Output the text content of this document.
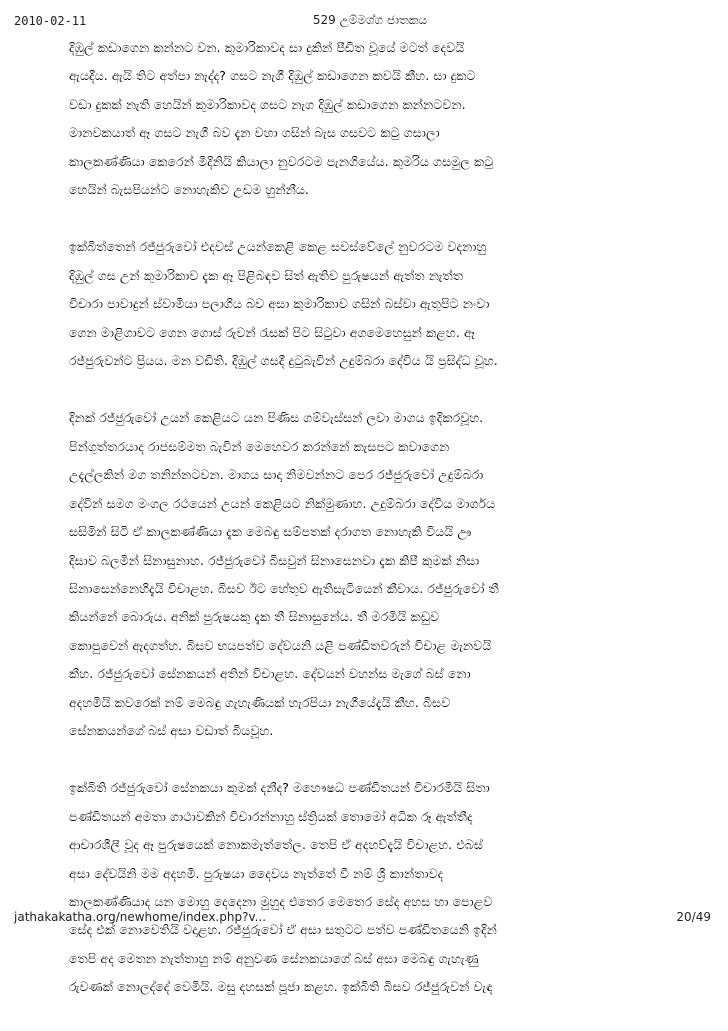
2010-02-11	529 උම්මග්ග ජාතකය
දිඹුල් කඩාගෙන කන්නට වන. කුමාරිකාවද සා දුකින් පීඩිත වූයේ මටත් දෙවයි
ඇයදීය. ඇයි තිට අත්පා නැද්ද? ගසට නැගී දිඹුල් කඩාගෙන කවයි කීහ. සා දුකට
වඩා දුකක් නැති හෙයින් කුමාරිකාවද ගසට නැග දිඹුල් කඩාගෙන කන්නටවන.
මානවකයාත් ඈ ගසට නැගී බව දැන වහා ගසින් බැස ගසවට කටු ගසාලා
කාලකණ්ණියා කෙරෙන් මිදිනියි කියාලා නුවරටම පැනගියේය. කුමරිය ගසමුල කටු
හෙයින් බැසපියන්ට නොහැකිව උඩම හුන්නීය.
ඉක්බිත්තෙන් රජ්ජුරුවෝ එදවස් උයන්කෙළි කෙළ සවස්වේලේ නුවරටම වදනාහු
දිඹුල් ගස උන් කුමාරිකාව දැක ඈ පිළිබඳව සිත් ඇතිව පුරුෂයන් ඇත්ත නැත්ත
විචාරා පාවාදුන් ස්වාමියා පලාගිය බව අසා කුමාරිකාව ගසින් බස්වා ඇතුපිට නංවා
ගෙන මාළිගාවට ගෙන ගොස් රුවන් රැසක් පිට සිටුවා අගමෙහෙසුන් කළහ. ඈ
රජ්ජුරුවන්ට ප්‍රියය. මන වඩිති. දිඹුල් ගසදී දුටුබැවින් උදුම්බරා දේවිය යි ප්‍රසිද්ධ වූහ.
දිනක් රජ්ජුරුවෝ උයන් කෙළියට යන පිණිස ගම්වැස්සන් ලවා මාගය ඉදිකරවූහ.
පින්ගුත්තරයාද රාජසම්මත බැවින් මෙහෙවර කරන්නේ කැසපට කවාගෙන
උදැල්ලකින් මග තනින්නටවන. මාගය සාදා නිමවන්නට පෙර රජ්ජුරුවෝ උදුම්බරා
දේවින් සමග මංගල රථයෙන් උයන් කෙළියට නික්මුණාහ. උදුම්බරා දේවිය මාර්ගය
සසිමින් සිටි ඒ කාලකණ්ණියා දැක මෙබඳු සම්පතක් දරාගත නොහැකි වියයි ඌ
දිසාව බලමින් සිනාසුනාහ. රජ්ජුරුවෝ බිසවුන් සිනාසෙනවා දැක කිපී කුමක් නිසා
සිනාසෙන්නෙහිදැයි විචාළහ. බිසව ඊට හේතුව ඇතිසැටියෙන් කීවාය. රජ්ජුරුවෝ තී
කියන්නේ බොරුය. අනික් පුරුෂයකු දැක තී සිනාසුනේය. තී මරමියි කඩුව
කොපුවෙන් ඇදගත්හ. බිසව භයපත්ව දේවයනි යළි පණ්ඩිතවරුන් විචාළ මැනවයි
කීහ. රජ්ජුරුවෝ සේනකයන් අතින් විචාළහ. දේවයන් වහන්ස මැගේ බස් නො
අදහමියි කවරෙක් නම් මෙබඳු ගැහැණියක් හැරපියා නැගීයේදැයි කීහ. බිසව
සේනකයන්ගේ බස් අසා වඩාත් බියවූහ.
ඉක්බිති රජ්ජුරුවෝ සේනකයා කුමක් දනීද? මහෞෂධ පණ්ඩිතයන් විචාරමියි සිතා
පණ්ඩිතයන් අමතා ගාථාවකින් විචාරන්නාහු ස්ත්‍රියක් තොමෝ අධික රූ ඇත්තීද
ආචාරශීලී වූද ඈ පුරුෂයෙක් නොකමැත්තේල. තෙපි ඒ අදහව්දැයි විචාළහ. එබස්
අසා දේවයිනි මම අදහමි. පුරුෂයා දෛවය නැත්තේ වී නම් ශ්‍රී කාන්තාවද
කාලකණ්ණියාද යන මොහු දෙදෙනා මුහුද එතෙර මෙතෙර සේද අහස හා පොළව
සේද එක් නොවෙතියි වදාළහ. රජ්ජුරුවෝ ඒ අසා සතුටට පත්ව පණ්ඩිතයෙනි ඉදින්
තෙපි අද මෙතන නැත්තාහු නම් අනුවණ සේනකයාගේ බස් අසා මෙබඳු ගැහැණු
රුවණක් නොලද්දේ වෙමියි. මසු දහසක් පූජා කළහ. ඉක්බිති බිසව රජ්ජුරුවන් වැඳ
jathakakatha.org/newhome/index.php?v...	20/49
